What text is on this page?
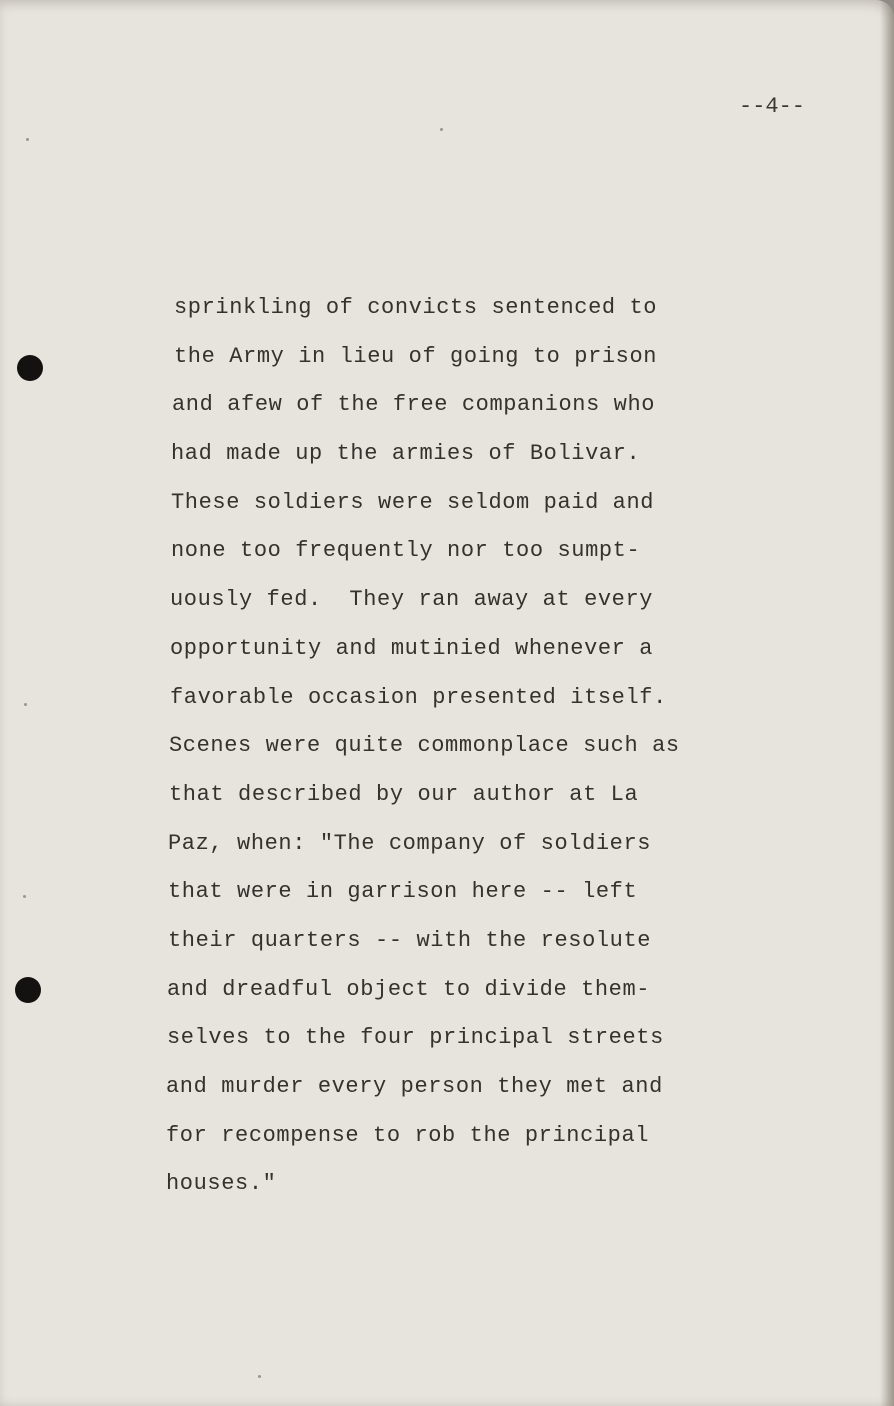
--4--
sprinkling of convicts sentenced to
the Army in lieu of going to prison
and afew of the free companions who
had made up the armies of Bolivar.
These soldiers were seldom paid and
none too frequently nor too sumpt-
uously fed.  They ran away at every
opportunity and mutinied whenever a
favorable occasion presented itself.
Scenes were quite commonplace such as
that described by our author at La
Paz, when: "The company of soldiers
that were in garrison here -- left
their quarters -- with the resolute
and dreadful object to divide them-
selves to the four principal streets
and murder every person they met and
for recompense to rob the principal
houses."
